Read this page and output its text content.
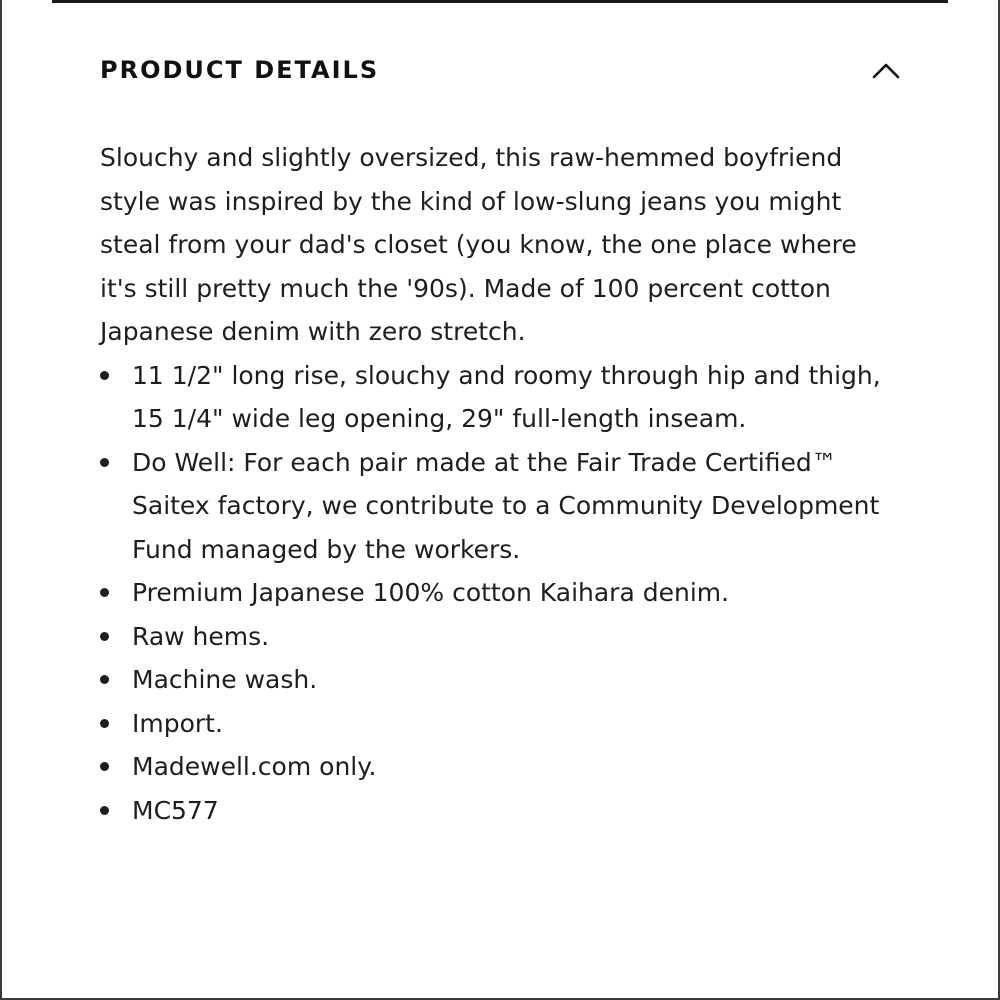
PRODUCT DETAILS

Slouchy and slightly oversized, this raw-hemmed boyfriend style was inspired by the kind of low-slung jeans you might steal from your dad's closet (you know, the one place where it's still pretty much the '90s). Made of 100 percent cotton Japanese denim with zero stretch.

11 1/2" long rise, slouchy and roomy through hip and thigh, 15 1/4" wide leg opening, 29" full-length inseam.
Do Well: For each pair made at the Fair Trade Certified™ Saitex factory, we contribute to a Community Development Fund managed by the workers.
Premium Japanese 100% cotton Kaihara denim.
Raw hems.
Machine wash.
Import.
Madewell.com only.
MC577
